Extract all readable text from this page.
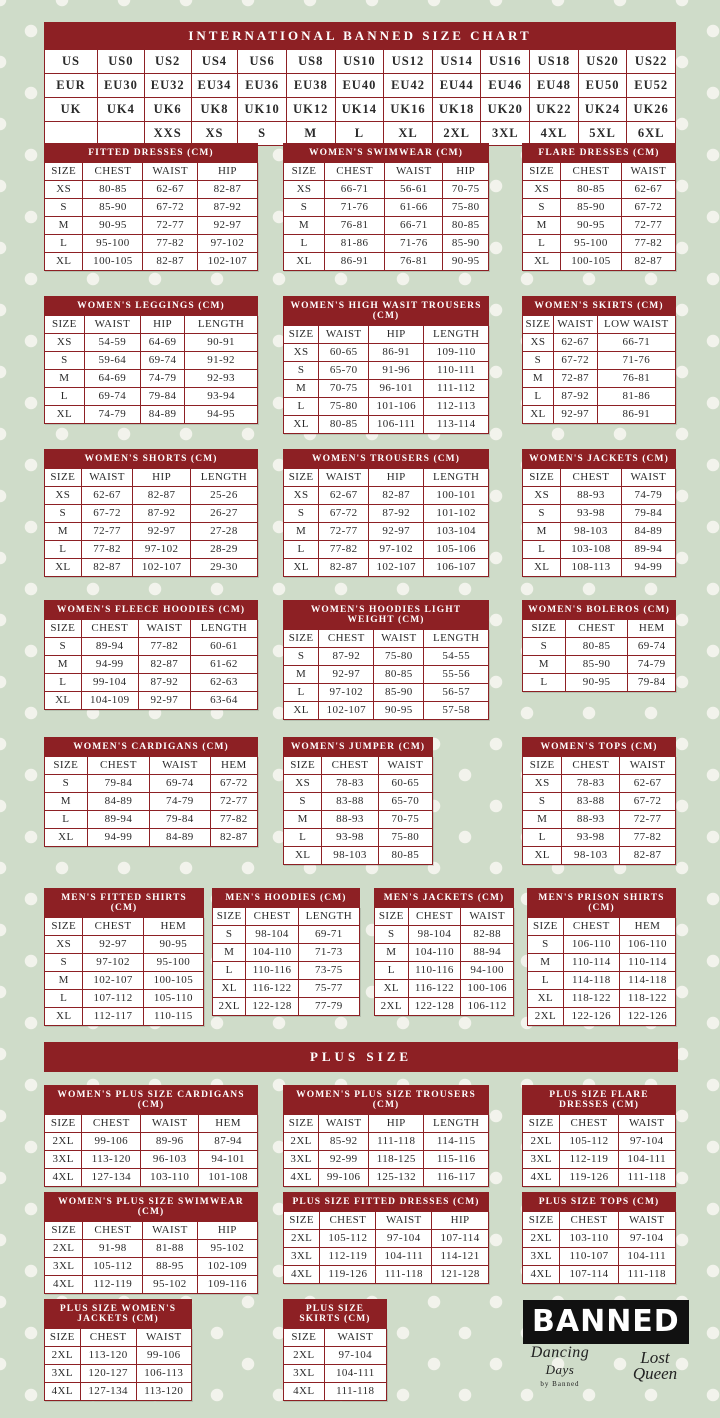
INTERNATIONAL BANNED SIZE CHART
US	US0	US2	US4	US6	US8	US10	US12	US14	US16	US18	US20	US22
EUR	EU30	EU32	EU34	EU36	EU38	EU40	EU42	EU44	EU46	EU48	EU50	EU52
UK	UK4	UK6	UK8	UK10	UK12	UK14	UK16	UK18	UK20	UK22	UK24	UK26
		XXS	XS	S	M	L	XL	2XL	3XL	4XL	5XL	6XL
PLUS SIZE
FITTED DRESSES (CM)
SIZE	CHEST	WAIST	HIP
XS	80-85	62-67	82-87
S	85-90	67-72	87-92
M	90-95	72-77	92-97
L	95-100	77-82	97-102
XL	100-105	82-87	102-107
WOMEN'S SWIMWEAR (CM)
SIZE	CHEST	WAIST	HIP
XS	66-71	56-61	70-75
S	71-76	61-66	75-80
M	76-81	66-71	80-85
L	81-86	71-76	85-90
XL	86-91	76-81	90-95
FLARE DRESSES (CM)
SIZE	CHEST	WAIST
XS	80-85	62-67
S	85-90	67-72
M	90-95	72-77
L	95-100	77-82
XL	100-105	82-87
WOMEN'S LEGGINGS (CM)
SIZE	WAIST	HIP	LENGTH
XS	54-59	64-69	90-91
S	59-64	69-74	91-92
M	64-69	74-79	92-93
L	69-74	79-84	93-94
XL	74-79	84-89	94-95
WOMEN'S HIGH WASIT TROUSERS (CM)
SIZE	WAIST	HIP	LENGTH
XS	60-65	86-91	109-110
S	65-70	91-96	110-111
M	70-75	96-101	111-112
L	75-80	101-106	112-113
XL	80-85	106-111	113-114
WOMEN'S SKIRTS (CM)
SIZE	WAIST	LOW WAIST
XS	62-67	66-71
S	67-72	71-76
M	72-87	76-81
L	87-92	81-86
XL	92-97	86-91
WOMEN'S SHORTS (CM)
SIZE	WAIST	HIP	LENGTH
XS	62-67	82-87	25-26
S	67-72	87-92	26-27
M	72-77	92-97	27-28
L	77-82	97-102	28-29
XL	82-87	102-107	29-30
WOMEN'S TROUSERS (CM)
SIZE	WAIST	HIP	LENGTH
XS	62-67	82-87	100-101
S	67-72	87-92	101-102
M	72-77	92-97	103-104
L	77-82	97-102	105-106
XL	82-87	102-107	106-107
WOMEN'S JACKETS (CM)
SIZE	CHEST	WAIST
XS	88-93	74-79
S	93-98	79-84
M	98-103	84-89
L	103-108	89-94
XL	108-113	94-99
WOMEN'S FLEECE HOODIES (CM)
SIZE	CHEST	WAIST	LENGTH
S	89-94	77-82	60-61
M	94-99	82-87	61-62
L	99-104	87-92	62-63
XL	104-109	92-97	63-64
WOMEN'S HOODIES LIGHT WEIGHT (CM)
SIZE	CHEST	WAIST	LENGTH
S	87-92	75-80	54-55
M	92-97	80-85	55-56
L	97-102	85-90	56-57
XL	102-107	90-95	57-58
WOMEN'S BOLEROS (CM)
SIZE	CHEST	HEM
S	80-85	69-74
M	85-90	74-79
L	90-95	79-84
WOMEN'S CARDIGANS (CM)
SIZE	CHEST	WAIST	HEM
S	79-84	69-74	67-72
M	84-89	74-79	72-77
L	89-94	79-84	77-82
XL	94-99	84-89	82-87
WOMEN'S JUMPER (CM)
SIZE	CHEST	WAIST
XS	78-83	60-65
S	83-88	65-70
M	88-93	70-75
L	93-98	75-80
XL	98-103	80-85
WOMEN'S TOPS (CM)
SIZE	CHEST	WAIST
XS	78-83	62-67
S	83-88	67-72
M	88-93	72-77
L	93-98	77-82
XL	98-103	82-87
MEN'S FITTED SHIRTS (CM)
SIZE	CHEST	HEM
XS	92-97	90-95
S	97-102	95-100
M	102-107	100-105
L	107-112	105-110
XL	112-117	110-115
MEN'S HOODIES (CM)
SIZE	CHEST	LENGTH
S	98-104	69-71
M	104-110	71-73
L	110-116	73-75
XL	116-122	75-77
2XL	122-128	77-79
MEN'S JACKETS (CM)
SIZE	CHEST	WAIST
S	98-104	82-88
M	104-110	88-94
L	110-116	94-100
XL	116-122	100-106
2XL	122-128	106-112
MEN'S PRISON SHIRTS (CM)
SIZE	CHEST	HEM
S	106-110	106-110
M	110-114	110-114
L	114-118	114-118
XL	118-122	118-122
2XL	122-126	122-126
WOMEN'S PLUS SIZE CARDIGANS (CM)
SIZE	CHEST	WAIST	HEM
2XL	99-106	89-96	87-94
3XL	113-120	96-103	94-101
4XL	127-134	103-110	101-108
WOMEN'S PLUS SIZE TROUSERS (CM)
SIZE	WAIST	HIP	LENGTH
2XL	85-92	111-118	114-115
3XL	92-99	118-125	115-116
4XL	99-106	125-132	116-117
PLUS SIZE FLARE DRESSES (CM)
SIZE	CHEST	WAIST
2XL	105-112	97-104
3XL	112-119	104-111
4XL	119-126	111-118
WOMEN'S PLUS SIZE SWIMWEAR (CM)
SIZE	CHEST	WAIST	HIP
2XL	91-98	81-88	95-102
3XL	105-112	88-95	102-109
4XL	112-119	95-102	109-116
PLUS SIZE FITTED DRESSES (CM)
SIZE	CHEST	WAIST	HIP
2XL	105-112	97-104	107-114
3XL	112-119	104-111	114-121
4XL	119-126	111-118	121-128
PLUS SIZE TOPS (CM)
SIZE	CHEST	WAIST
2XL	103-110	97-104
3XL	110-107	104-111
4XL	107-114	111-118
PLUS SIZE WOMEN'S JACKETS (CM)
SIZE	CHEST	WAIST
2XL	113-120	99-106
3XL	120-127	106-113
4XL	127-134	113-120
PLUS SIZE SKIRTS (CM)
SIZE	WAIST
2XL	97-104
3XL	104-111
4XL	111-118
BANNED
Dancing
Days
by Banned
Lost
Queen
